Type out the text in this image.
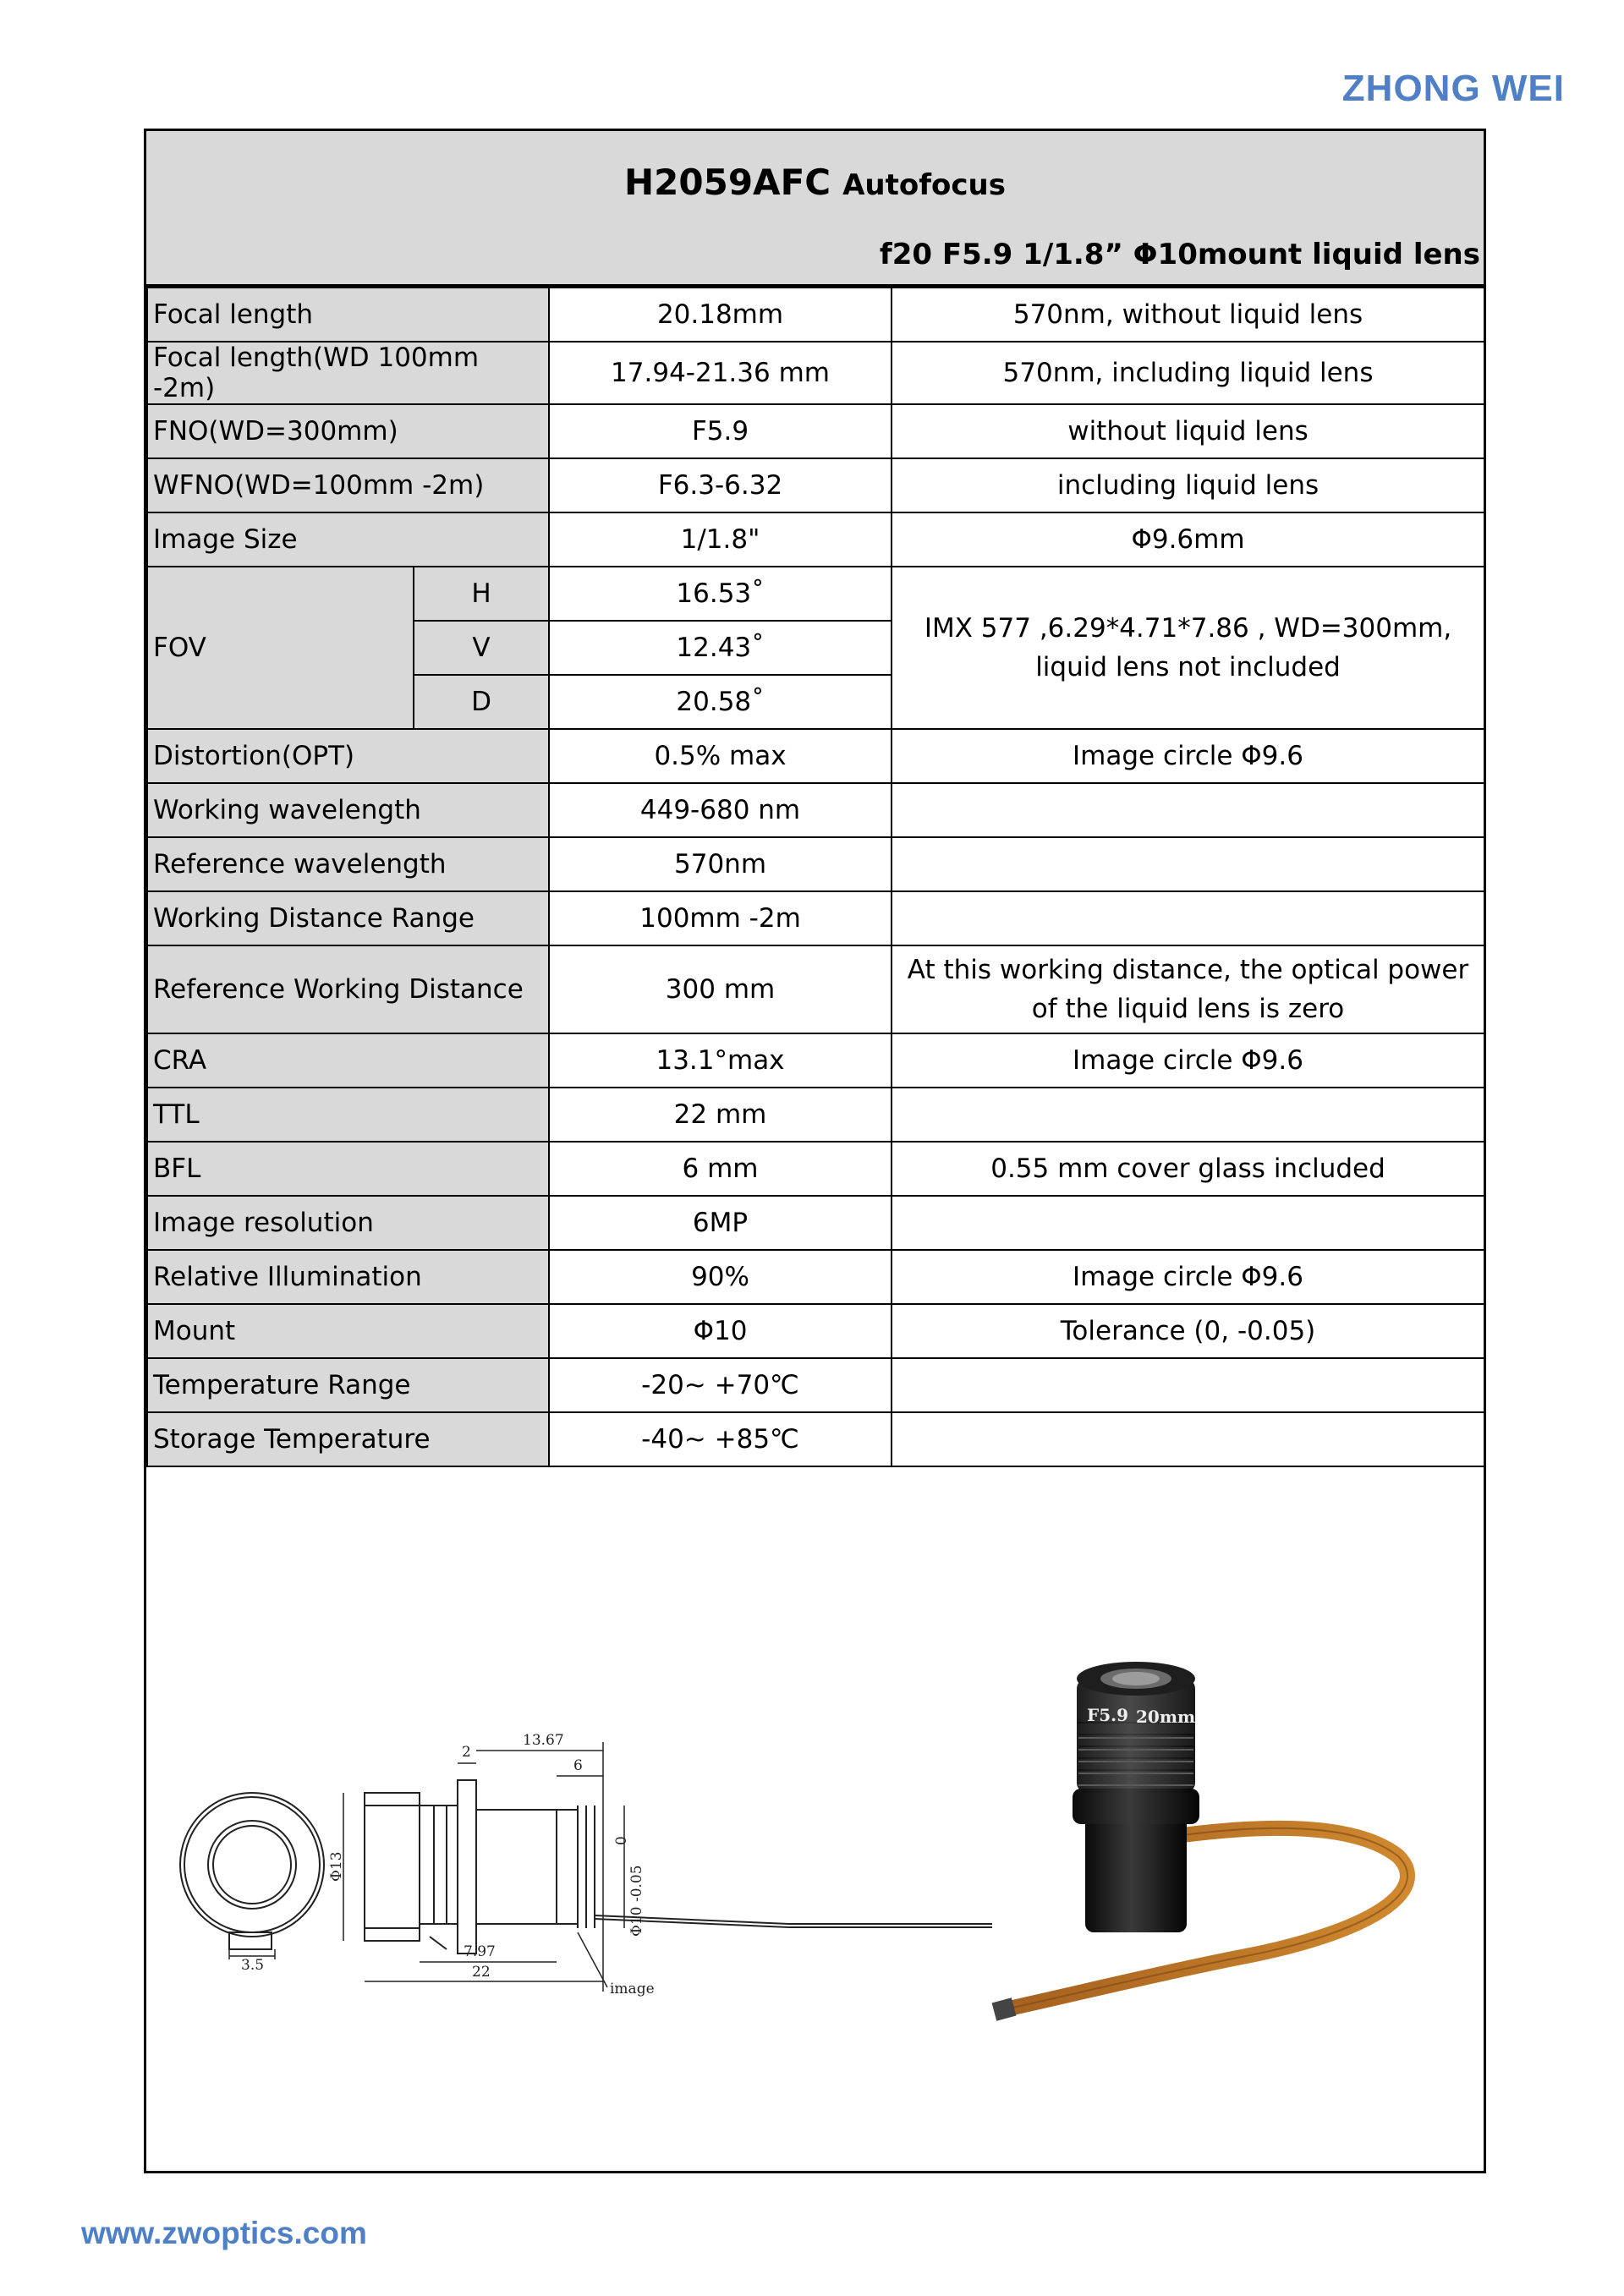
ZHONG WEI
H2059AFC Autofocus
f20 F5.9 1/1.8” Φ10mount liquid lens
Focal length		20.18mm	570nm, without liquid lens
Focal length(WD 100mm -2m)		17.94-21.36 mm	570nm, including liquid lens
FNO(WD=300mm)		F5.9	without liquid lens
WFNO(WD=100mm -2m)		F6.3-6.32	including liquid lens
Image Size		1/1.8"	Φ9.6mm
FOV	H	16.53˚	IMX 577 ,6.29*4.71*7.86 , WD=300mm, liquid lens not included
	V	12.43˚	
	D	20.58˚	
Distortion(OPT)		0.5% max	Image circle Φ9.6
Working wavelength		449-680 nm	
Reference wavelength		570nm	
Working Distance Range		100mm -2m	
Reference Working Distance		300 mm	At this working distance, the optical power of the liquid lens is zero
CRA		13.1°max	Image circle Φ9.6
TTL		22 mm	
BFL		6 mm	0.55 mm cover glass included
Image resolution		6MP	
Relative Illumination		90%	Image circle Φ9.6
Mount		Φ10	Tolerance (0, -0.05)
Temperature Range		-20~ +70℃	
Storage Temperature		-40~ +85℃	
3.5
Φ13
2
13.67
6
Φ10 -0.05
0
7.97
22
image
F5.9 20mm
www.zwoptics.com
